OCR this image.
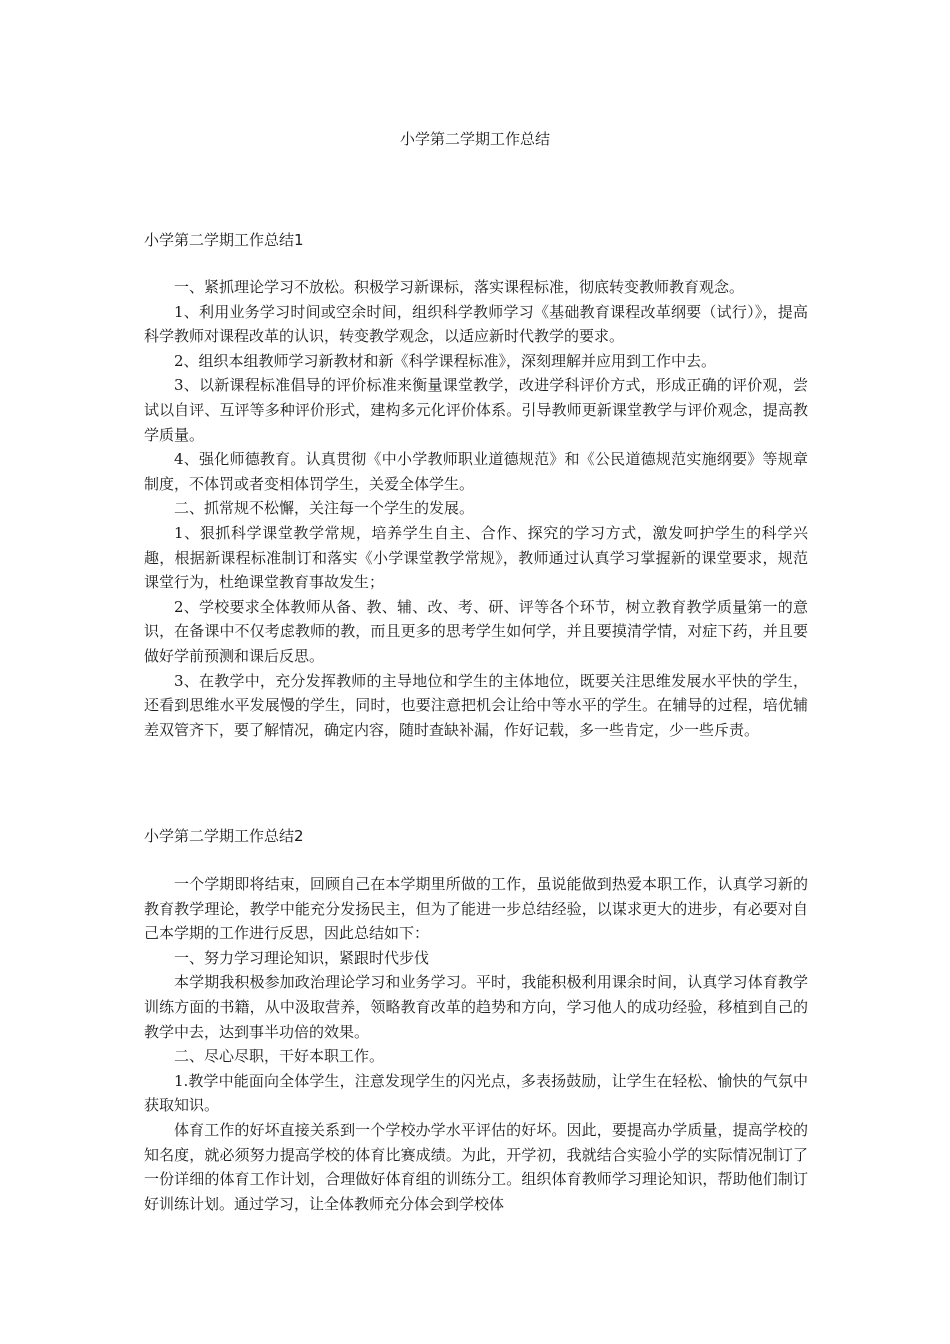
小学第二学期工作总结
小学第二学期工作总结1

一、紧抓理论学习不放松。积极学习新课标，落实课程标准，彻底转变教师教育观念。

1、利用业务学习时间或空余时间，组织科学教师学习《基础教育课程改革纲要（试行）》，提高科学教师对课程改革的认识，转变教学观念，以适应新时代教学的要求。

2、组织本组教师学习新教材和新《科学课程标准》，深刻理解并应用到工作中去。

3、以新课程标准倡导的评价标准来衡量课堂教学，改进学科评价方式，形成正确的评价观，尝试以自评、互评等多种评价形式，建构多元化评价体系。引导教师更新课堂教学与评价观念，提高教学质量。

4、强化师德教育。认真贯彻《中小学教师职业道德规范》和《公民道德规范实施纲要》等规章制度，不体罚或者变相体罚学生，关爱全体学生。

二、抓常规不松懈，关注每一个学生的发展。

1、狠抓科学课堂教学常规，培养学生自主、合作、探究的学习方式，激发呵护学生的科学兴趣，根据新课程标准制订和落实《小学课堂教学常规》，教师通过认真学习掌握新的课堂要求，规范课堂行为，杜绝课堂教育事故发生；

2、学校要求全体教师从备、教、辅、改、考、研、评等各个环节，树立教育教学质量第一的意识，在备课中不仅考虑教师的教，而且更多的思考学生如何学，并且要摸清学情，对症下药，并且要做好学前预测和课后反思。

3、在教学中，充分发挥教师的主导地位和学生的主体地位，既要关注思维发展水平快的学生，还看到思维水平发展慢的学生，同时，也要注意把机会让给中等水平的学生。在辅导的过程，培优辅差双管齐下，要了解情况，确定内容，随时查缺补漏，作好记载，多一些肯定，少一些斥责。

小学第二学期工作总结2

一个学期即将结束，回顾自己在本学期里所做的工作，虽说能做到热爱本职工作，认真学习新的教育教学理论，教学中能充分发扬民主，但为了能进一步总结经验，以谋求更大的进步，有必要对自己本学期的工作进行反思，因此总结如下：

一、努力学习理论知识，紧跟时代步伐

本学期我积极参加政治理论学习和业务学习。平时，我能积极利用课余时间，认真学习体育教学训练方面的书籍，从中汲取营养，领略教育改革的趋势和方向，学习他人的成功经验，移植到自己的教学中去，达到事半功倍的效果。

二、尽心尽职，干好本职工作。

1.教学中能面向全体学生，注意发现学生的闪光点，多表扬鼓励，让学生在轻松、愉快的气氛中获取知识。

体育工作的好坏直接关系到一个学校办学水平评估的好坏。因此，要提高办学质量，提高学校的知名度，就必须努力提高学校的体育比赛成绩。为此，开学初，我就结合实验小学的实际情况制订了一份详细的体育工作计划，合理做好体育组的训练分工。组织体育教师学习理论知识，帮助他们制订好训练计划。通过学习，让全体教师充分体会到学校体
